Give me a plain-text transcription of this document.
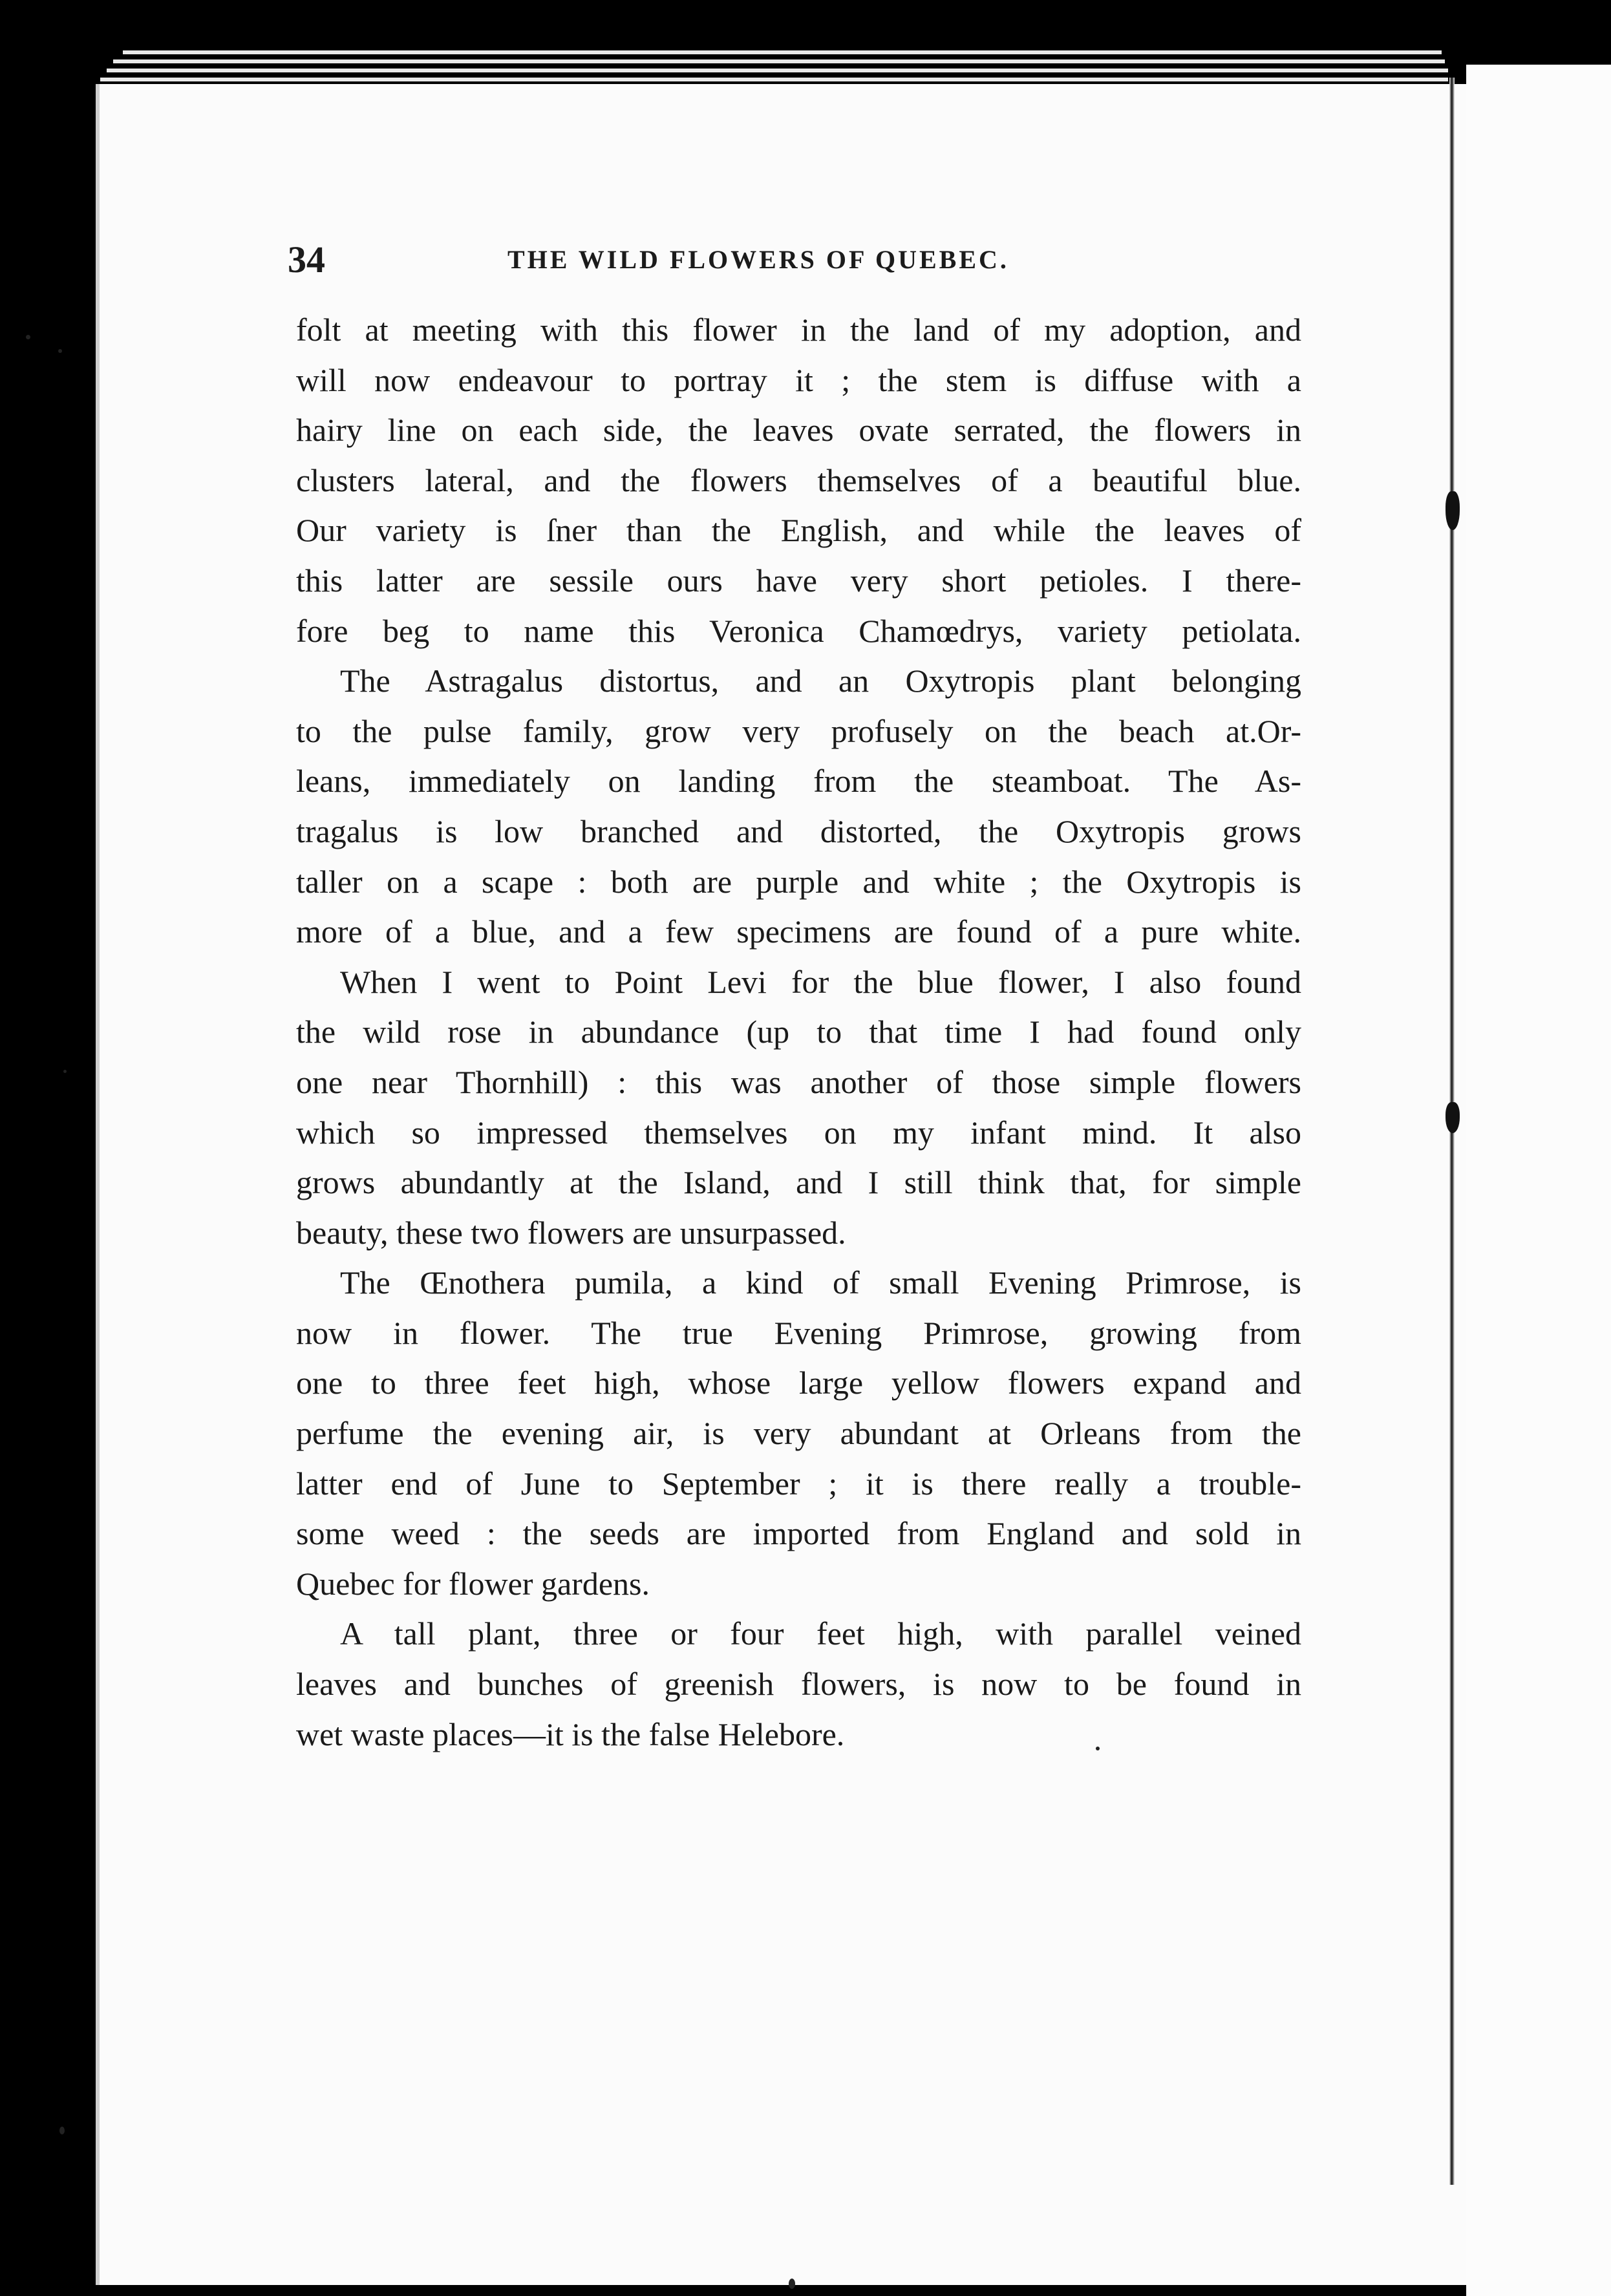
34	THE WILD FLOWERS OF QUEBEC.
folt at meeting with this flower in the land of my adoption, and
will now endeavour to portray it ; the stem is diffuse with a
hairy line on each side, the leaves ovate serrated, the flowers in
clusters lateral, and the flowers themselves of a beautiful blue.
Our variety is ſner than the English, and while the leaves of
this latter are sessile ours have very short petioles. I there-
fore beg to name this Veronica Chamœdrys, variety petiolata.
The Astragalus distortus, and an Oxytropis plant belonging
to the pulse family, grow very profusely on the beach at.Or-
leans, immediately on landing from the steamboat. The As-
tragalus is low branched and distorted, the Oxytropis grows
taller on a scape : both are purple and white ; the Oxytropis is
more of a blue, and a few specimens are found of a pure white.
When I went to Point Levi for the blue flower, I also found
the wild rose in abundance (up to that time I had found only
one near Thornhill) : this was another of those simple flowers
which so impressed themselves on my infant mind. It also
grows abundantly at the Island, and I still think that, for simple
beauty, these two flowers are unsurpassed.
The Œnothera pumila, a kind of small Evening Primrose, is
now in flower. The true Evening Primrose, growing from
one to three feet high, whose large yellow flowers expand and
perfume the evening air, is very abundant at Orleans from the
latter end of June to September ; it is there really a trouble-
some weed : the seeds are imported from England and sold in
Quebec for flower gardens.
A tall plant, three or four feet high, with parallel veined
leaves and bunches of greenish flowers, is now to be found in
wet waste places—it is the false Helebore.
